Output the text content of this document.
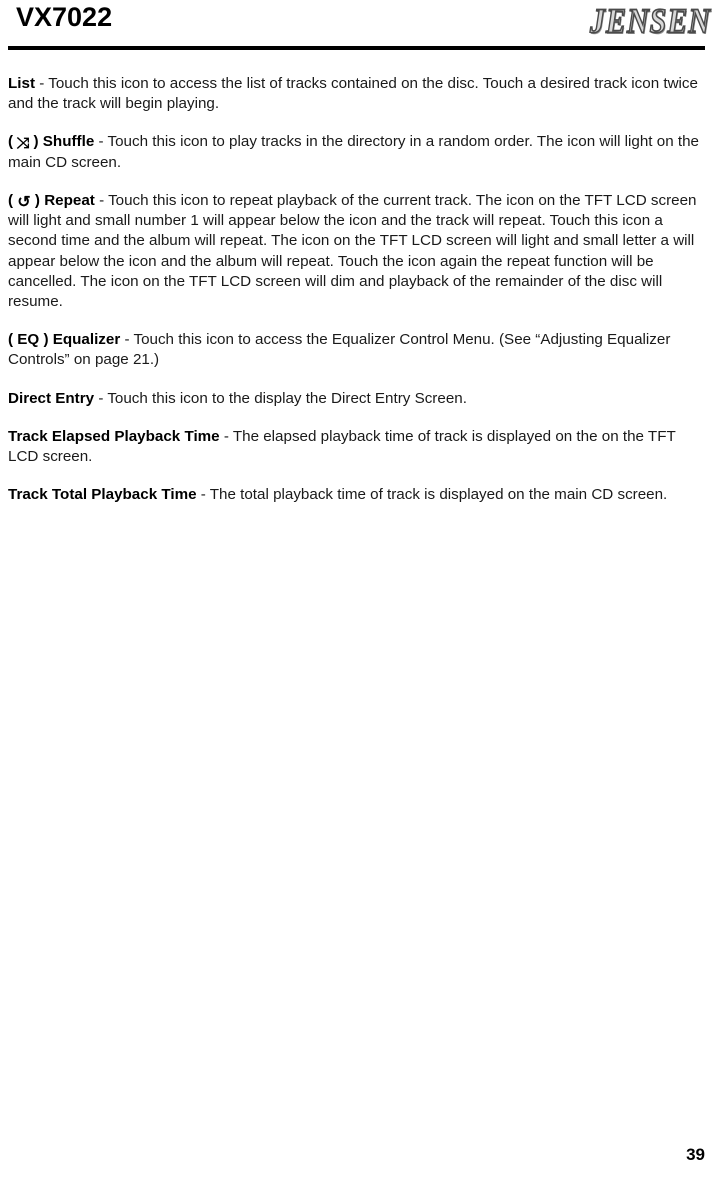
VX7022	JENSEN

List - Touch this icon to access the list of tracks contained on the disc. Touch a desired track icon twice and the track will begin playing.

( ⤨ ) Shuffle - Touch this icon to play tracks in the directory in a random order. The icon will light on the main CD screen.

( ↺ ) Repeat - Touch this icon to repeat playback of the current track. The icon on the TFT LCD screen will light and small number 1 will appear below the icon and the track will repeat. Touch this icon a second time and the album will repeat. The icon on the TFT LCD screen will light and small letter a will appear below the icon and the album will repeat. Touch the icon again the repeat function will be cancelled. The icon on the TFT LCD screen will dim and playback of the remainder of the disc will resume.

( EQ ) Equalizer - Touch this icon to access the Equalizer Control Menu. (See “Adjusting Equalizer Controls” on page 21.)

Direct Entry - Touch this icon to the display the Direct Entry Screen.

Track Elapsed Playback Time - The elapsed playback time of track is displayed on the on the TFT LCD screen.

Track Total Playback Time - The total playback time of track is displayed on the main CD screen.

39
